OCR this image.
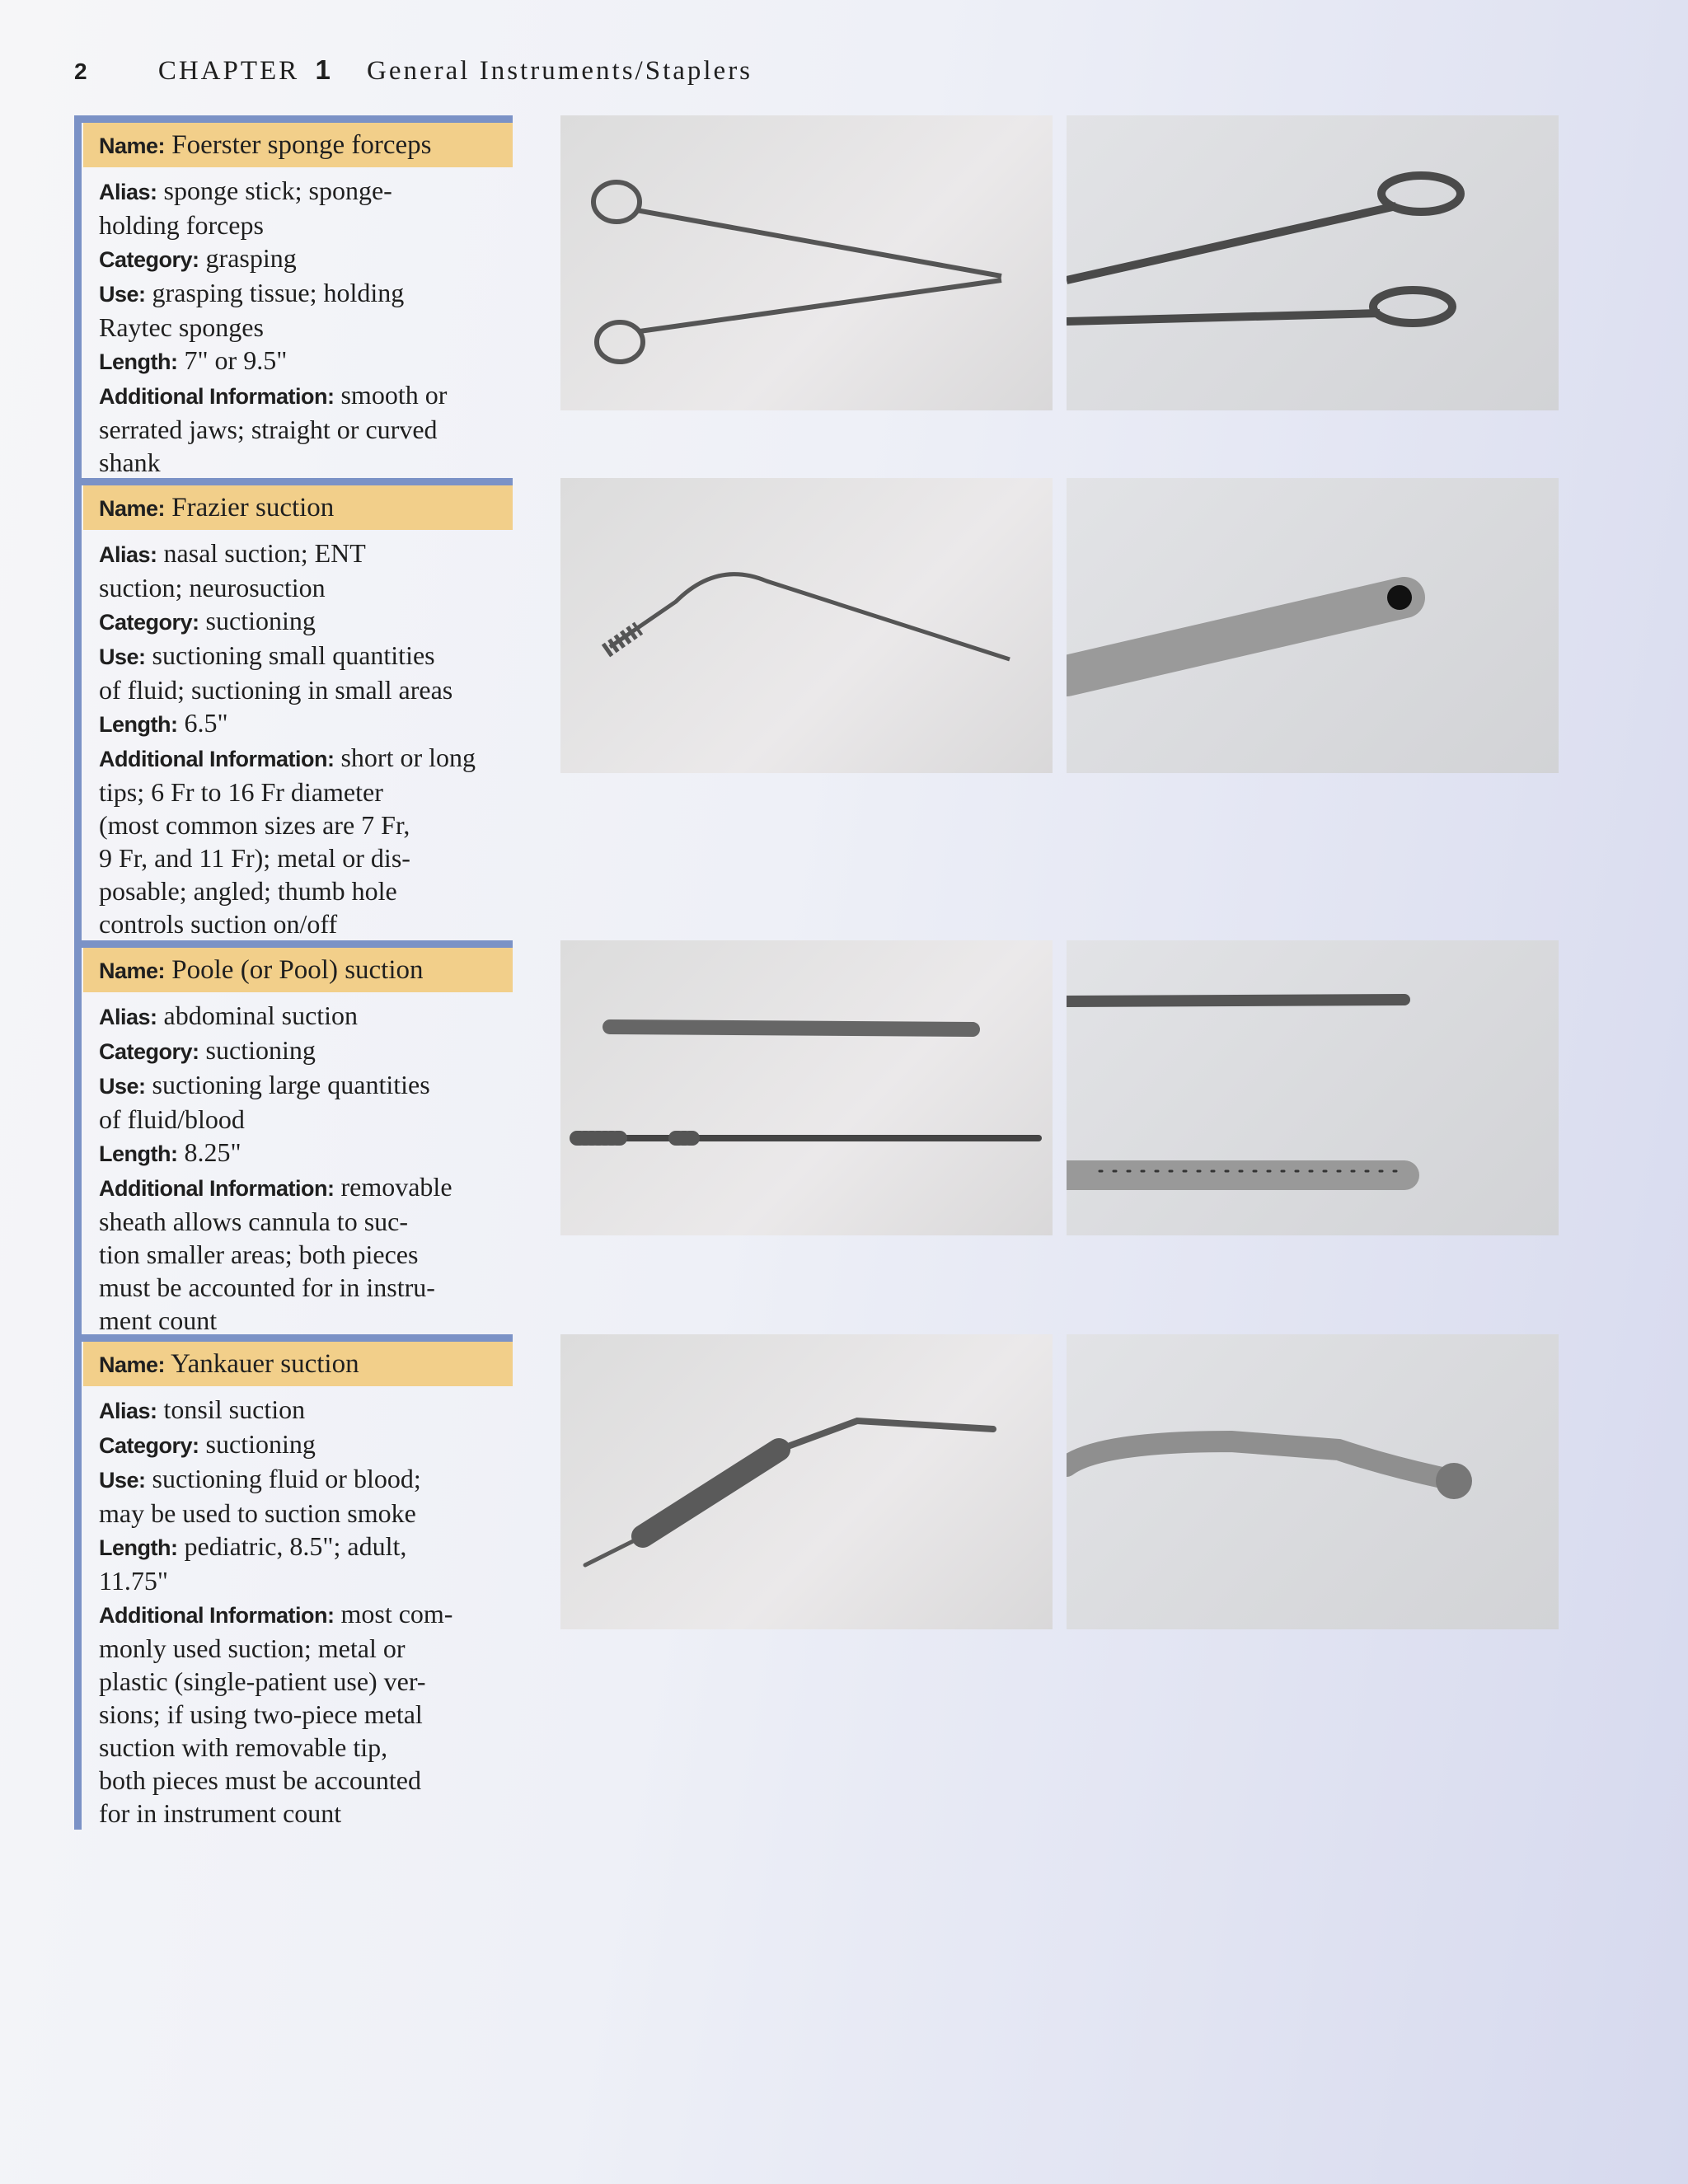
2	CHAPTER 1 General Instruments/Staplers
Name: Foerster sponge forceps
Alias: sponge stick; sponge-
holding forceps
Category: grasping
Use: grasping tissue; holding
Raytec sponges
Length: 7" or 9.5"
Additional Information: smooth or
serrated jaws; straight or curved
shank
Name: Frazier suction
Alias: nasal suction; ENT
suction; neurosuction
Category: suctioning
Use: suctioning small quantities
of fluid; suctioning in small areas
Length: 6.5"
Additional Information: short or long
tips; 6 Fr to 16 Fr diameter
(most common sizes are 7 Fr,
9 Fr, and 11 Fr); metal or dis-
posable; angled; thumb hole
controls suction on/off
Name: Poole (or Pool) suction
Alias: abdominal suction
Category: suctioning
Use: suctioning large quantities
of fluid/blood
Length: 8.25"
Additional Information: removable
sheath allows cannula to suc-
tion smaller areas; both pieces
must be accounted for in instru-
ment count
Name: Yankauer suction
Alias: tonsil suction
Category: suctioning
Use: suctioning fluid or blood;
may be used to suction smoke
Length: pediatric, 8.5"; adult,
11.75"
Additional Information: most com-
monly used suction; metal or
plastic (single-patient use) ver-
sions; if using two-piece metal
suction with removable tip,
both pieces must be accounted
for in instrument count
